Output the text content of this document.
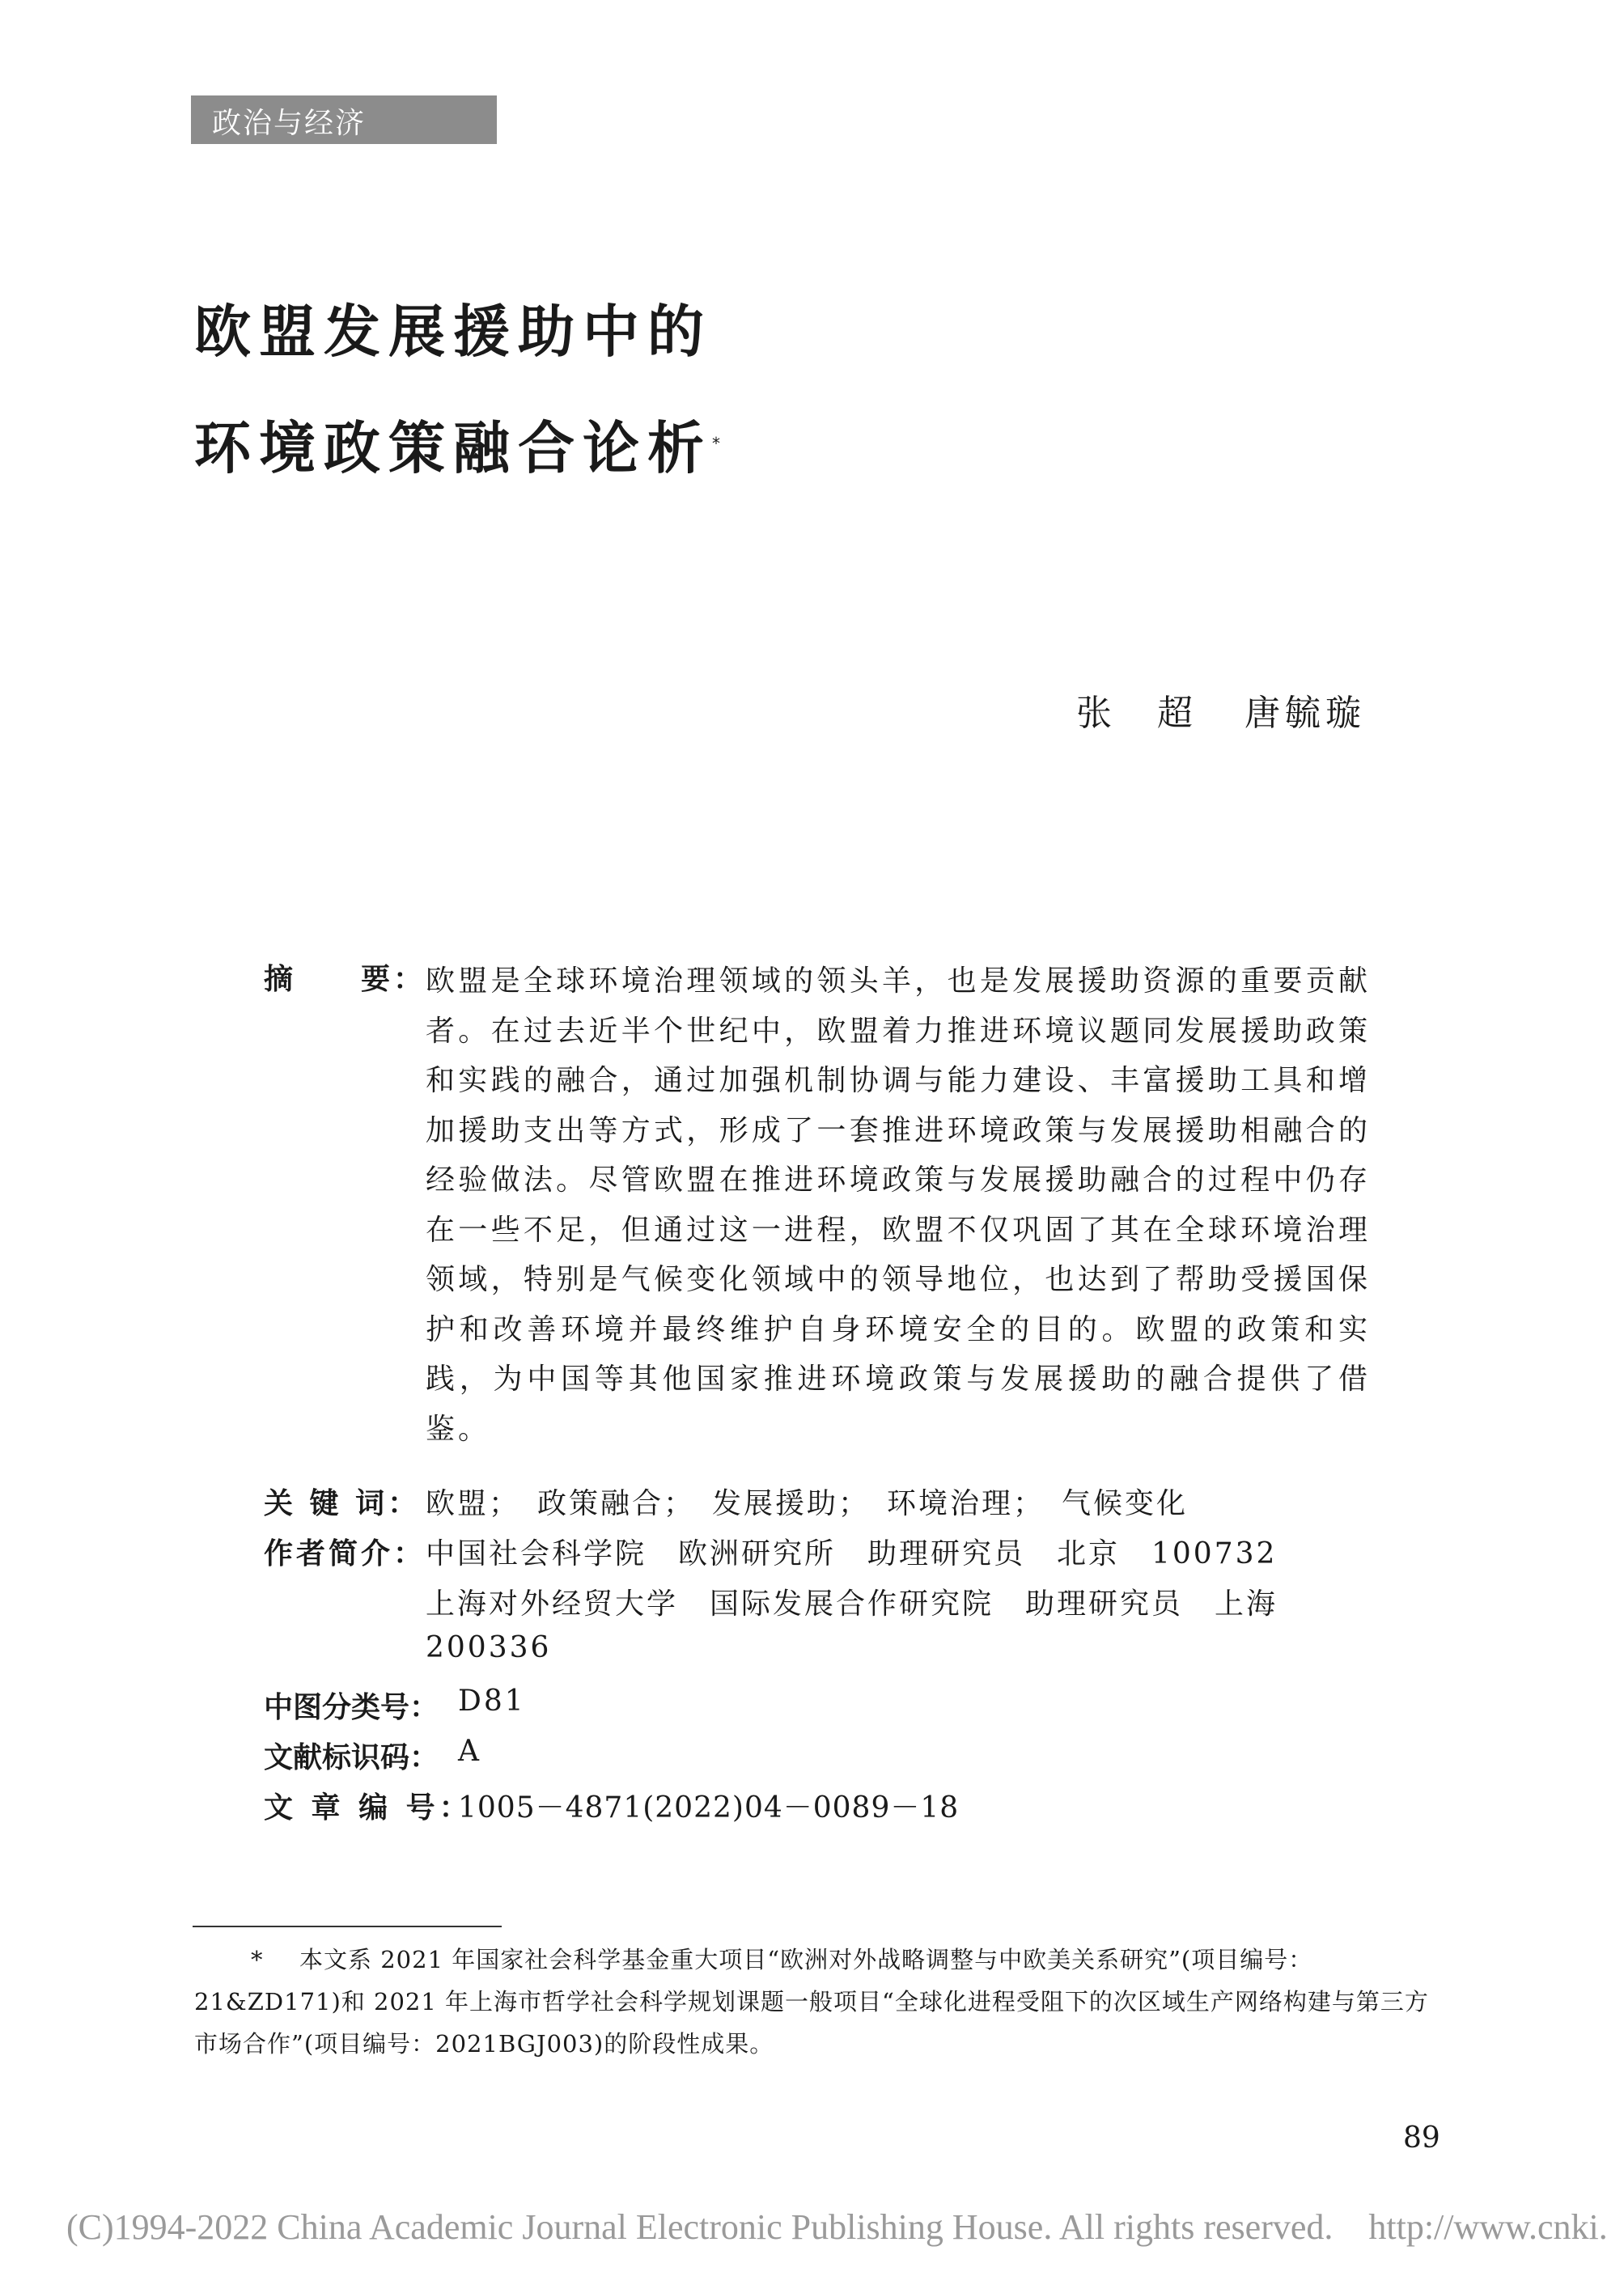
政治与经济
欧盟发展援助中的
环境政策融合论析*
张　超 唐毓璇
摘　　要： 欧盟是全球环境治理领域的领头羊，也是发展援助资源的重要贡献者。在过去近半个世纪中，欧盟着力推进环境议题同发展援助政策和实践的融合，通过加强机制协调与能力建设、丰富援助工具和增加援助支出等方式，形成了一套推进环境政策与发展援助相融合的经验做法。尽管欧盟在推进环境政策与发展援助融合的过程中仍存在一些不足，但通过这一进程，欧盟不仅巩固了其在全球环境治理领域，特别是气候变化领域中的领导地位，也达到了帮助受援国保护和改善环境并最终维护自身环境安全的目的。欧盟的政策和实践，为中国等其他国家推进环境政策与发展援助的融合提供了借鉴。
关 键 词： 欧盟；　政策融合；　发展援助；　环境治理；　气候变化
作者简介： 中国社会科学院　欧洲研究所　助理研究员　北京　100732
上海对外经贸大学　国际发展合作研究院　助理研究员　上海
200336
中图分类号： D81
文献标识码： A
文 章 编 号：
1005－4871(2022)04－0089－18
* 本文系 2021 年国家社会科学基金重大项目“欧洲对外战略调整与中欧美关系研究”(项目编号：21&ZD171)和 2021 年上海市哲学社会科学规划课题一般项目“全球化进程受阻下的次区域生产网络构建与第三方市场合作”(项目编号：2021BGJ003)的阶段性成果。
89
(C)1994-2022 China Academic Journal Electronic Publishing House. All rights reserved.　http://www.cnki.
